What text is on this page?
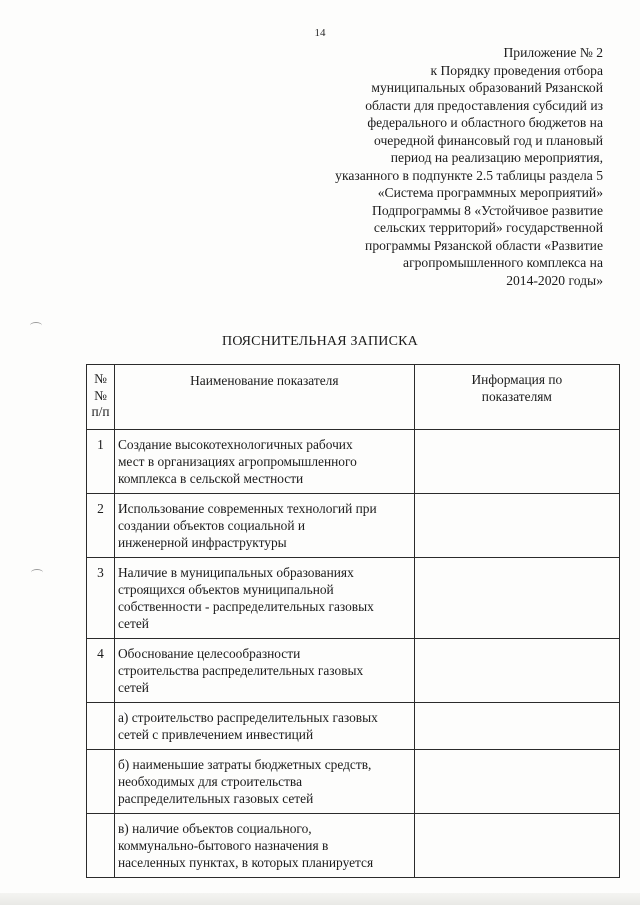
14
Приложение № 2
к Порядку проведения отбора
муниципальных образований Рязанской
области для предоставления субсидий из
федерального и областного бюджетов на
очередной финансовый год и плановый
период на реализацию мероприятия,
указанного в подпункте 2.5 таблицы раздела 5
«Система программных мероприятий»
Подпрограммы 8 «Устойчивое развитие
сельских территорий» государственной
программы Рязанской области «Развитие
агропромышленного комплекса на
2014-2020 годы»
ПОЯСНИТЕЛЬНАЯ ЗАПИСКА
№
№
п/п	Наименование показателя	Информация по
показателям

1	Создание высокотехнологичных рабочих
мест в организациях агропромышленного
комплекса в сельской местности	

2	Использование современных технологий при
создании объектов социальной и
инженерной инфраструктуры	

3	Наличие в муниципальных образованиях
строящихся объектов муниципальной
собственности - распределительных газовых
сетей	

4	Обоснование целесообразности
строительства распределительных газовых
сетей	

	а) строительство распределительных газовых
сетей с привлечением инвестиций	

	б) наименьшие затраты бюджетных средств,
необходимых для строительства
распределительных газовых сетей	

	в) наличие объектов социального,
коммунально-бытового назначения в
населенных пунктах, в которых планируется	
